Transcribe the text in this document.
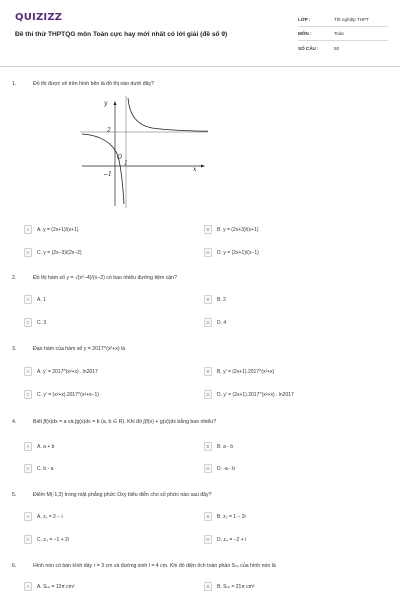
QUIZIZZ
Đề thi thử THPTQG môn Toán cực hay mới nhất có lời giải (đề số 9)
LỚP :	Tốt nghiệp THPT
MÔN :	Toán
SỐ CÂU :	50
1.	Đồ thị được vẽ trên hình bên là đồ thị nào dưới đây?
y
x
O
2
1
−1
A	A. y = (2x+1)/(x+1)	B	B. y = (2x+3)/(x+1)
C	C. y = (2x−3)/(2x−2)	D	D. y = (2x+1)/(x−1)
2.	Đồ thị hàm số y = √(x²−4)/(x−2) có bao nhiêu đường tiệm cận?
A	A. 1	B	B. 2
C	C. 3	D	D. 4
3.	Đạo hàm của hàm số y = 2017^(x²+x) là
A	A. y′ = 2017^(x²+x) . ln2017	B	B. y′ = (2x+1).2017^(x²+x)
C	C. y′ = (x²+x).2017^(x²+x−1)	D	D. y′ = (2x+1).2017^(x²+x) . ln2017
4.	Biết ∫f(x)dx = a và ∫g(x)dx = b (a, b ∈ R). Khi đó ∫(f(x) + g(x))dx bằng bao nhiêu?
A	A. a + b	B	B. a - b
C	C. b - a	D	D. -a - b
5.	Điểm M(-1;2) trong mặt phẳng phức Oxy biểu diễn cho số phức nào sau đây?
A	A. z₁ = 2 − i	B	B. z₂ = 1 − 2i
C	C. z₃ = −1 + 2i	D	D. z₄ = −2 + i
6.	Hình nón có bán kính đáy r = 3 cm và đường sinh l = 4 cm. Khi đó diện tích toàn phần Sₜₚ của hình nón là
A	A. Sₜₚ = 12π cm²	B	B. Sₜₚ = 21π cm²
